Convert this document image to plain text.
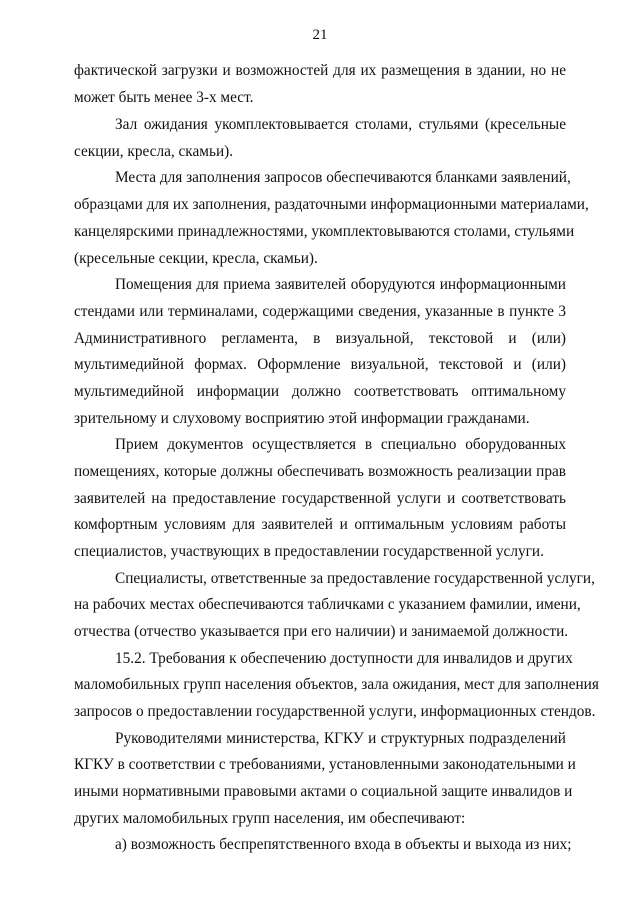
21
фактической загрузки и возможностей для их размещения в здании, но не
может быть менее 3-х мест.
Зал ожидания укомплектовывается столами, стульями (кресельные
секции, кресла, скамьи).
Места для заполнения запросов обеспечиваются бланками заявлений,
образцами для их заполнения, раздаточными информационными материалами,
канцелярскими принадлежностями, укомплектовываются столами, стульями
(кресельные секции, кресла, скамьи).
Помещения для приема заявителей оборудуются информационными
стендами или терминалами, содержащими сведения, указанные в пункте 3
Административного регламента, в визуальной, текстовой и (или)
мультимедийной формах. Оформление визуальной, текстовой и (или)
мультимедийной информации должно соответствовать оптимальному
зрительному и слуховому восприятию этой информации гражданами.
Прием документов осуществляется в специально оборудованных
помещениях, которые должны обеспечивать возможность реализации прав
заявителей на предоставление государственной услуги и соответствовать
комфортным условиям для заявителей и оптимальным условиям работы
специалистов, участвующих в предоставлении государственной услуги.
Специалисты, ответственные за предоставление государственной услуги,
на рабочих местах обеспечиваются табличками с указанием фамилии, имени,
отчества (отчество указывается при его наличии) и занимаемой должности.
15.2. Требования к обеспечению доступности для инвалидов и других
маломобильных групп населения объектов, зала ожидания, мест для заполнения
запросов о предоставлении государственной услуги, информационных стендов.
Руководителями министерства, КГКУ и структурных подразделений
КГКУ в соответствии с требованиями, установленными законодательными и
иными нормативными правовыми актами о социальной защите инвалидов и
других маломобильных групп населения, им обеспечивают:
а) возможность беспрепятственного входа в объекты и выхода из них;
